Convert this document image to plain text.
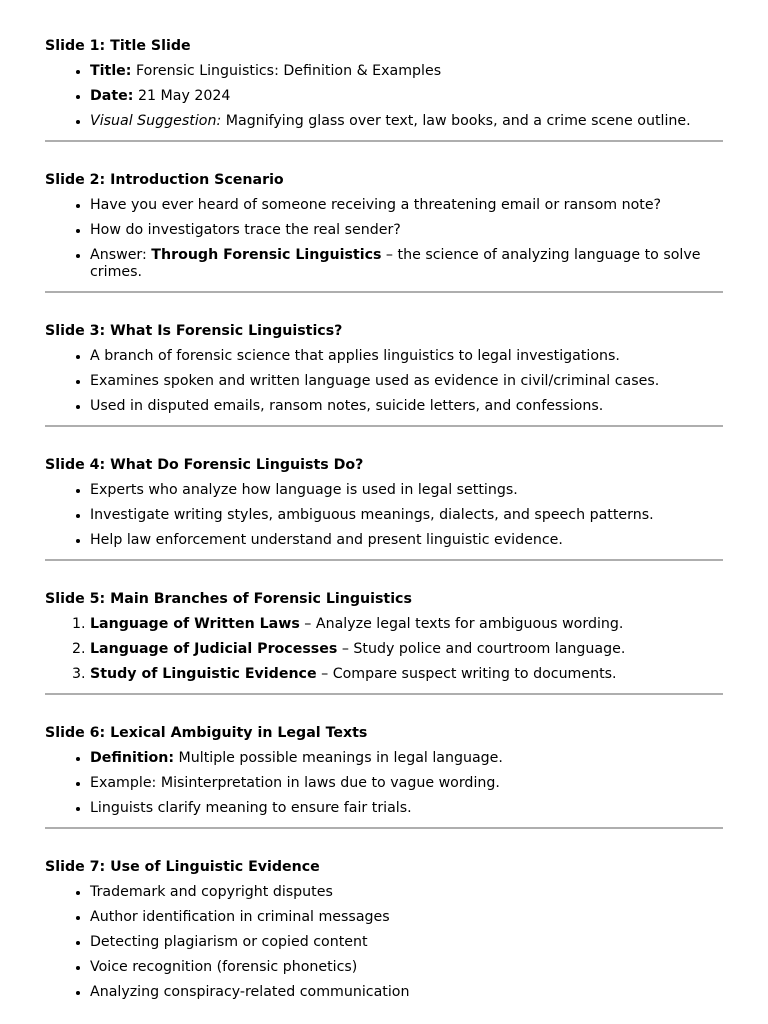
Slide 1: Title Slide
• Title: Forensic Linguistics: Definition & Examples
• Date: 21 May 2024
• Visual Suggestion: Magnifying glass over text, law books, and a crime scene outline.
Slide 2: Introduction Scenario
• Have you ever heard of someone receiving a threatening email or ransom note?
• How do investigators trace the real sender?
• Answer: Through Forensic Linguistics – the science of analyzing language to solve crimes.
Slide 3: What Is Forensic Linguistics?
• A branch of forensic science that applies linguistics to legal investigations.
• Examines spoken and written language used as evidence in civil/criminal cases.
• Used in disputed emails, ransom notes, suicide letters, and confessions.
Slide 4: What Do Forensic Linguists Do?
• Experts who analyze how language is used in legal settings.
• Investigate writing styles, ambiguous meanings, dialects, and speech patterns.
• Help law enforcement understand and present linguistic evidence.
Slide 5: Main Branches of Forensic Linguistics
1. Language of Written Laws – Analyze legal texts for ambiguous wording.
2. Language of Judicial Processes – Study police and courtroom language.
3. Study of Linguistic Evidence – Compare suspect writing to documents.
Slide 6: Lexical Ambiguity in Legal Texts
• Definition: Multiple possible meanings in legal language.
• Example: Misinterpretation in laws due to vague wording.
• Linguists clarify meaning to ensure fair trials.
Slide 7: Use of Linguistic Evidence
• Trademark and copyright disputes
• Author identification in criminal messages
• Detecting plagiarism or copied content
• Voice recognition (forensic phonetics)
• Analyzing conspiracy-related communication
